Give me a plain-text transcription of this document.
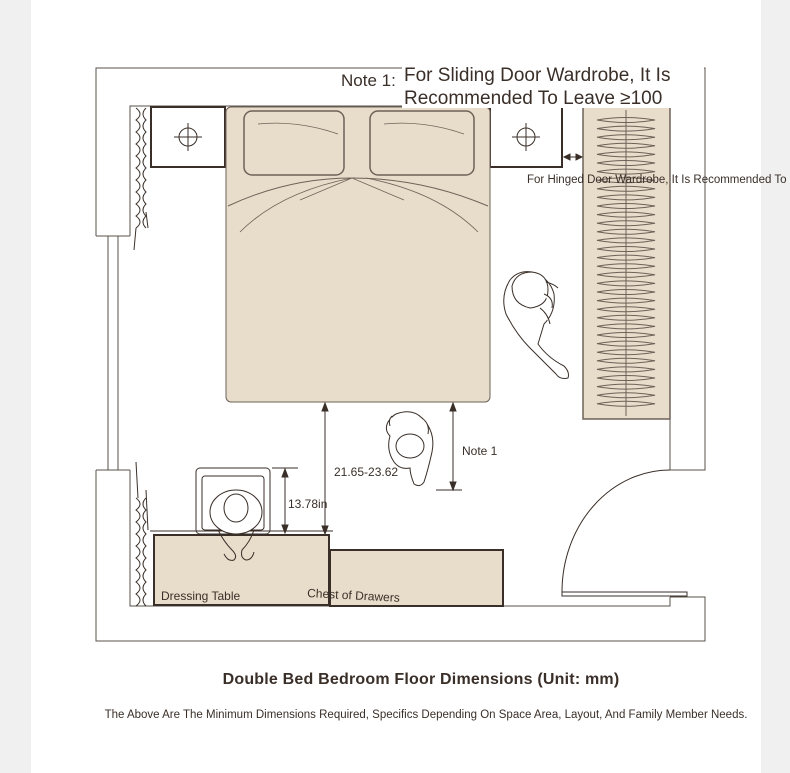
Note 1: For Sliding Door Wardrobe, It Is
Recommended To Leave ≥100
For Hinged Door Wardrobe, It Is Recommended To
Note 1
21.65-23.62
13.78in
Dressing Table	Chest of Drawers
Double Bed Bedroom Floor Dimensions (Unit: mm)
The Above Are The Minimum Dimensions Required, Specifics Depending On Space Area, Layout, And Family Member Needs.
